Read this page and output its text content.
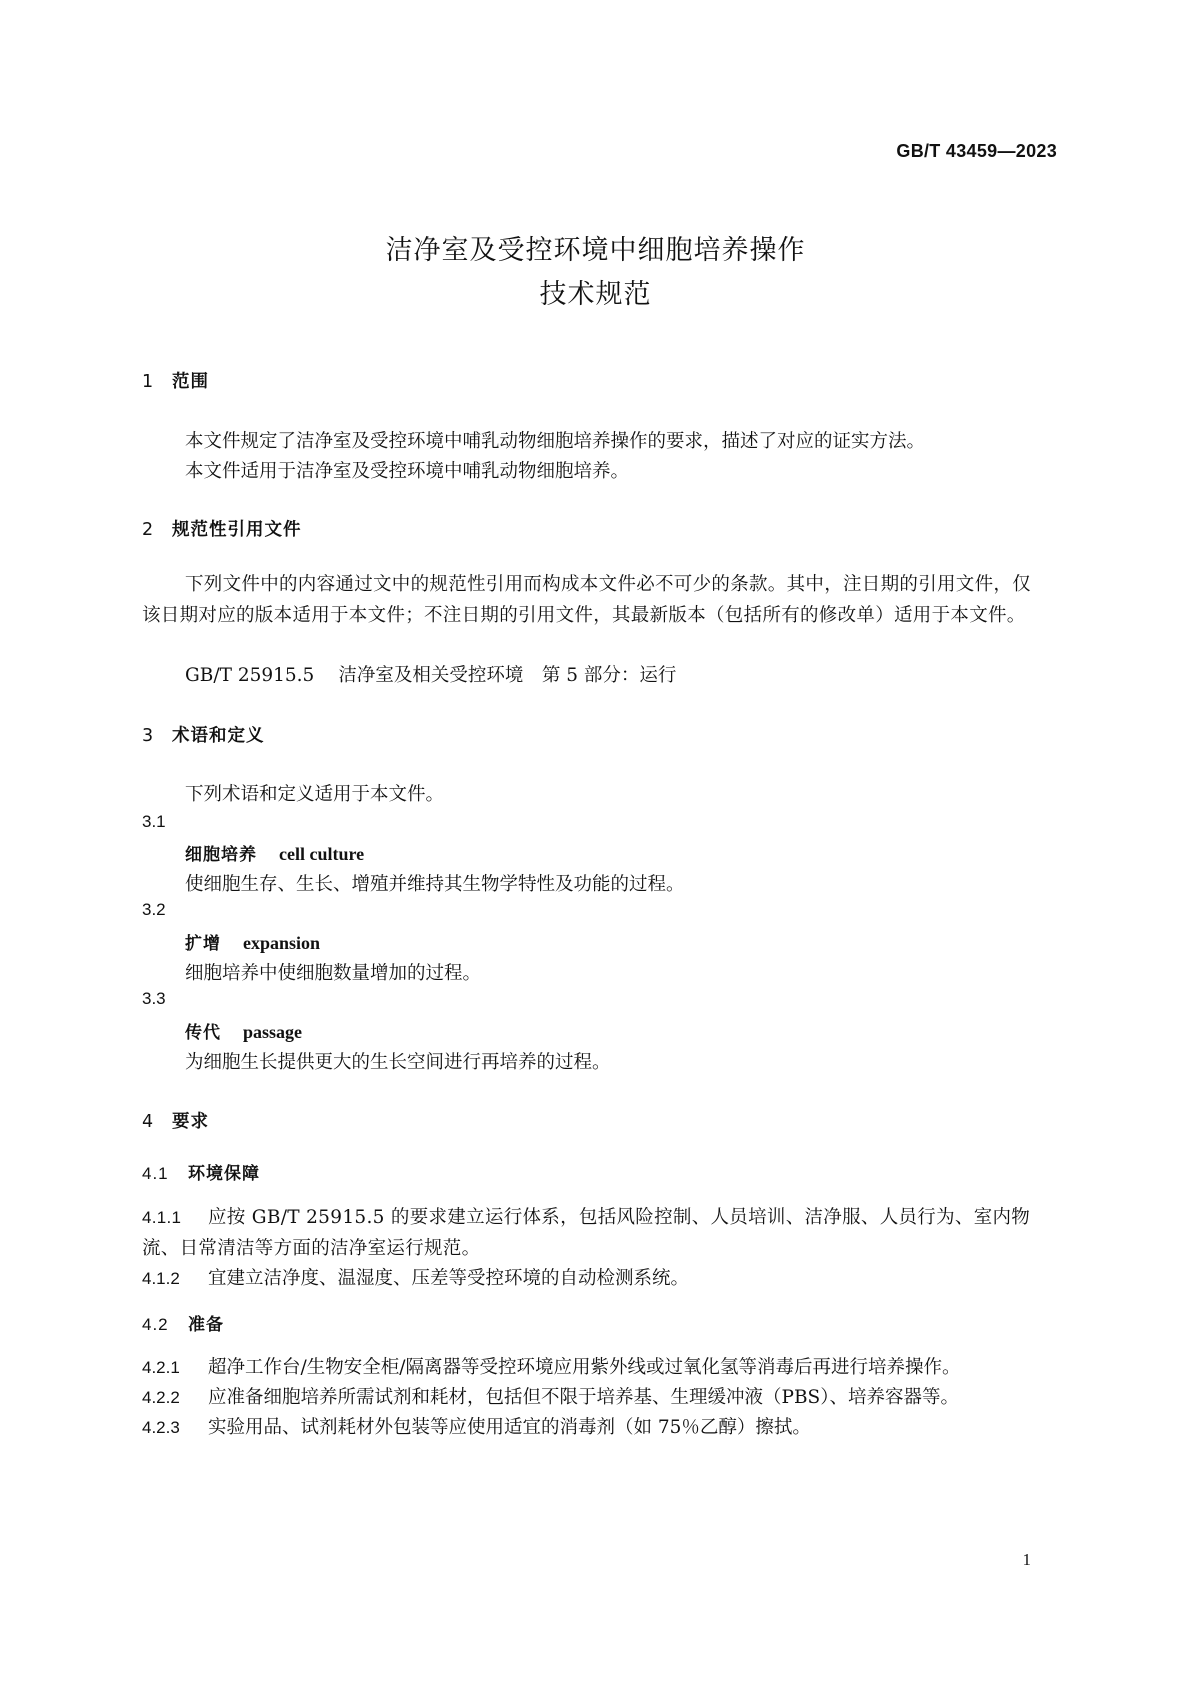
GB/T 43459—2023
洁净室及受控环境中细胞培养操作
技术规范
1 范围
本文件规定了洁净室及受控环境中哺乳动物细胞培养操作的要求，描述了对应的证实方法。
本文件适用于洁净室及受控环境中哺乳动物细胞培养。
2 规范性引用文件
下列文件中的内容通过文中的规范性引用而构成本文件必不可少的条款。其中，注日期的引用文件，仅该日期对应的版本适用于本文件；不注日期的引用文件，其最新版本（包括所有的修改单）适用于本文件。
GB/T 25915.5 洁净室及相关受控环境　第 5 部分：运行
3 术语和定义
下列术语和定义适用于本文件。
3.1
细胞培养 cell culture
使细胞生存、生长、增殖并维持其生物学特性及功能的过程。
3.2
扩增 expansion
细胞培养中使细胞数量增加的过程。
3.3
传代 passage
为细胞生长提供更大的生长空间进行再培养的过程。
4 要求
4.1 环境保障
4.1.1 应按 GB/T 25915.5 的要求建立运行体系，包括风险控制、人员培训、洁净服、人员行为、室内物流、日常清洁等方面的洁净室运行规范。
4.1.2 宜建立洁净度、温湿度、压差等受控环境的自动检测系统。
4.2 准备
4.2.1 超净工作台/生物安全柜/隔离器等受控环境应用紫外线或过氧化氢等消毒后再进行培养操作。
4.2.2 应准备细胞培养所需试剂和耗材，包括但不限于培养基、生理缓冲液（PBS）、培养容器等。
4.2.3 实验用品、试剂耗材外包装等应使用适宜的消毒剂（如 75％乙醇）擦拭。
1
